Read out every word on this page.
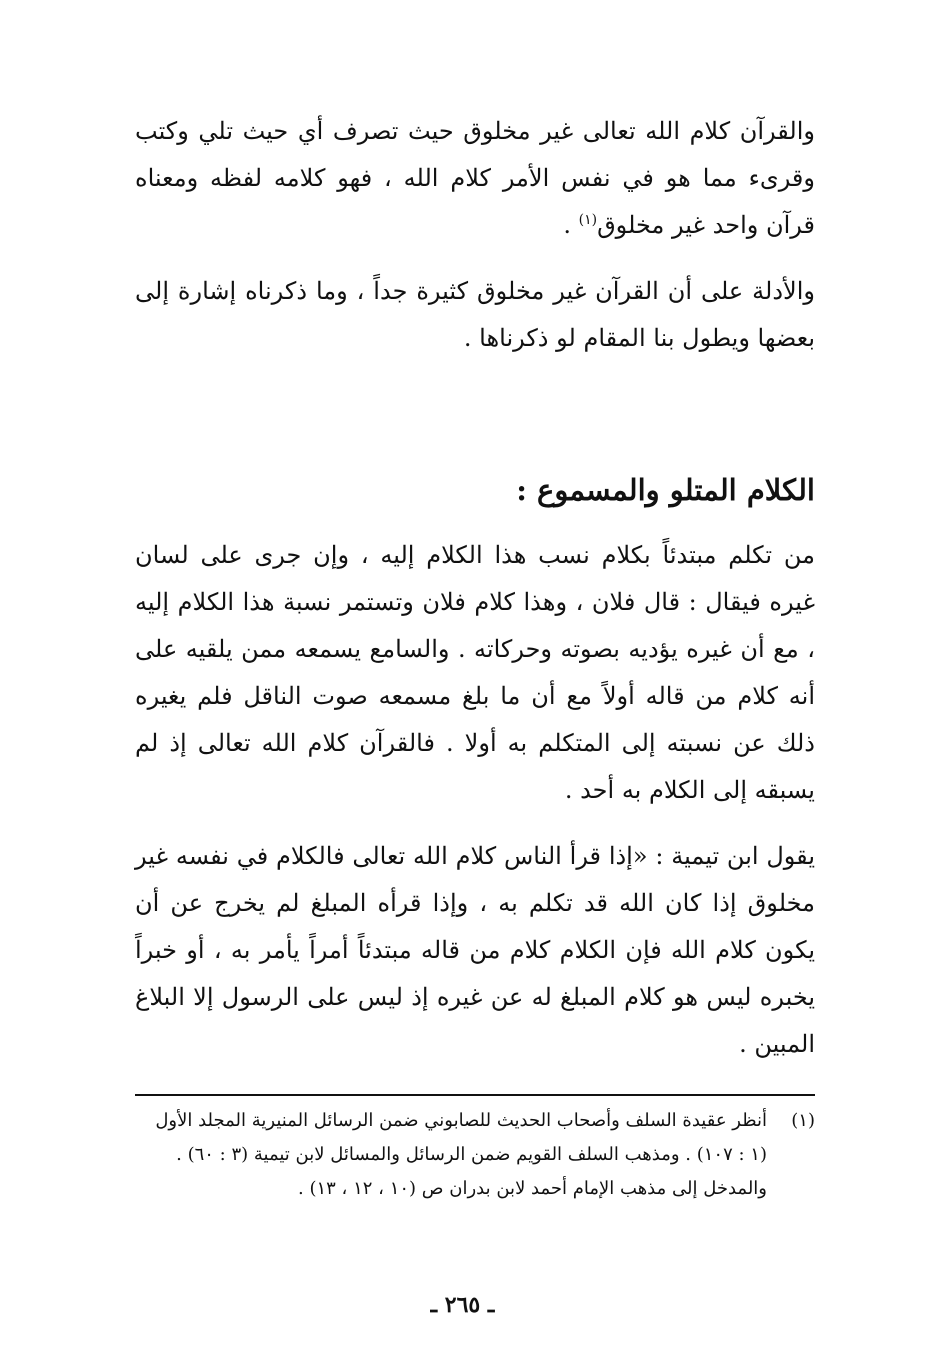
والقرآن كلام الله تعالى غير مخلوق حيث تصرف أي حيث تلي وكتب وقرىء مما هو في نفس الأمر كلام الله ، فهو كلامه لفظه ومعناه قرآن واحد غير مخلوق$^{(١)}$ .

والأدلة على أن القرآن غير مخلوق كثيرة جداً ، وما ذكرناه إشارة إلى بعضها ويطول بنا المقام لو ذكرناها .

الكلام المتلو والمسموع :

من تكلم مبتدئاً بكلام نسب هذا الكلام إليه ، وإن جرى على لسان غيره فيقال : قال فلان ، وهذا كلام فلان وتستمر نسبة هذا الكلام إليه ، مع أن غيره يؤديه بصوته وحركاته . والسامع يسمعه ممن يلقيه على أنه كلام من قاله أولاً مع أن ما بلغ مسمعه صوت الناقل فلم يغيره ذلك عن نسبته إلى المتكلم به أولا . فالقرآن كلام الله تعالى إذ لم يسبقه إلى الكلام به أحد .

يقول ابن تيمية : «إذا قرأ الناس كلام الله تعالى فالكلام في نفسه غير مخلوق إذا كان الله قد تكلم به ، وإذا قرأه المبلغ لم يخرج عن أن يكون كلام الله فإن الكلام كلام من قاله مبتدئاً أمراً يأمر به ، أو خبراً يخبره ليس هو كلام المبلغ له عن غيره إذ ليس على الرسول إلا البلاغ المبين .

(١)
أنظر عقيدة السلف وأصحاب الحديث للصابوني ضمن الرسائل المنيرية المجلد الأول (١ : ١٠٧) . ومذهب السلف القويم ضمن الرسائل والمسائل لابن تيمية (٣ : ٦٠) . والمدخل إلى مذهب الإمام أحمد لابن بدران ص (١٠ ، ١٢ ، ١٣) .
ـ ٢٦٥ ـ
